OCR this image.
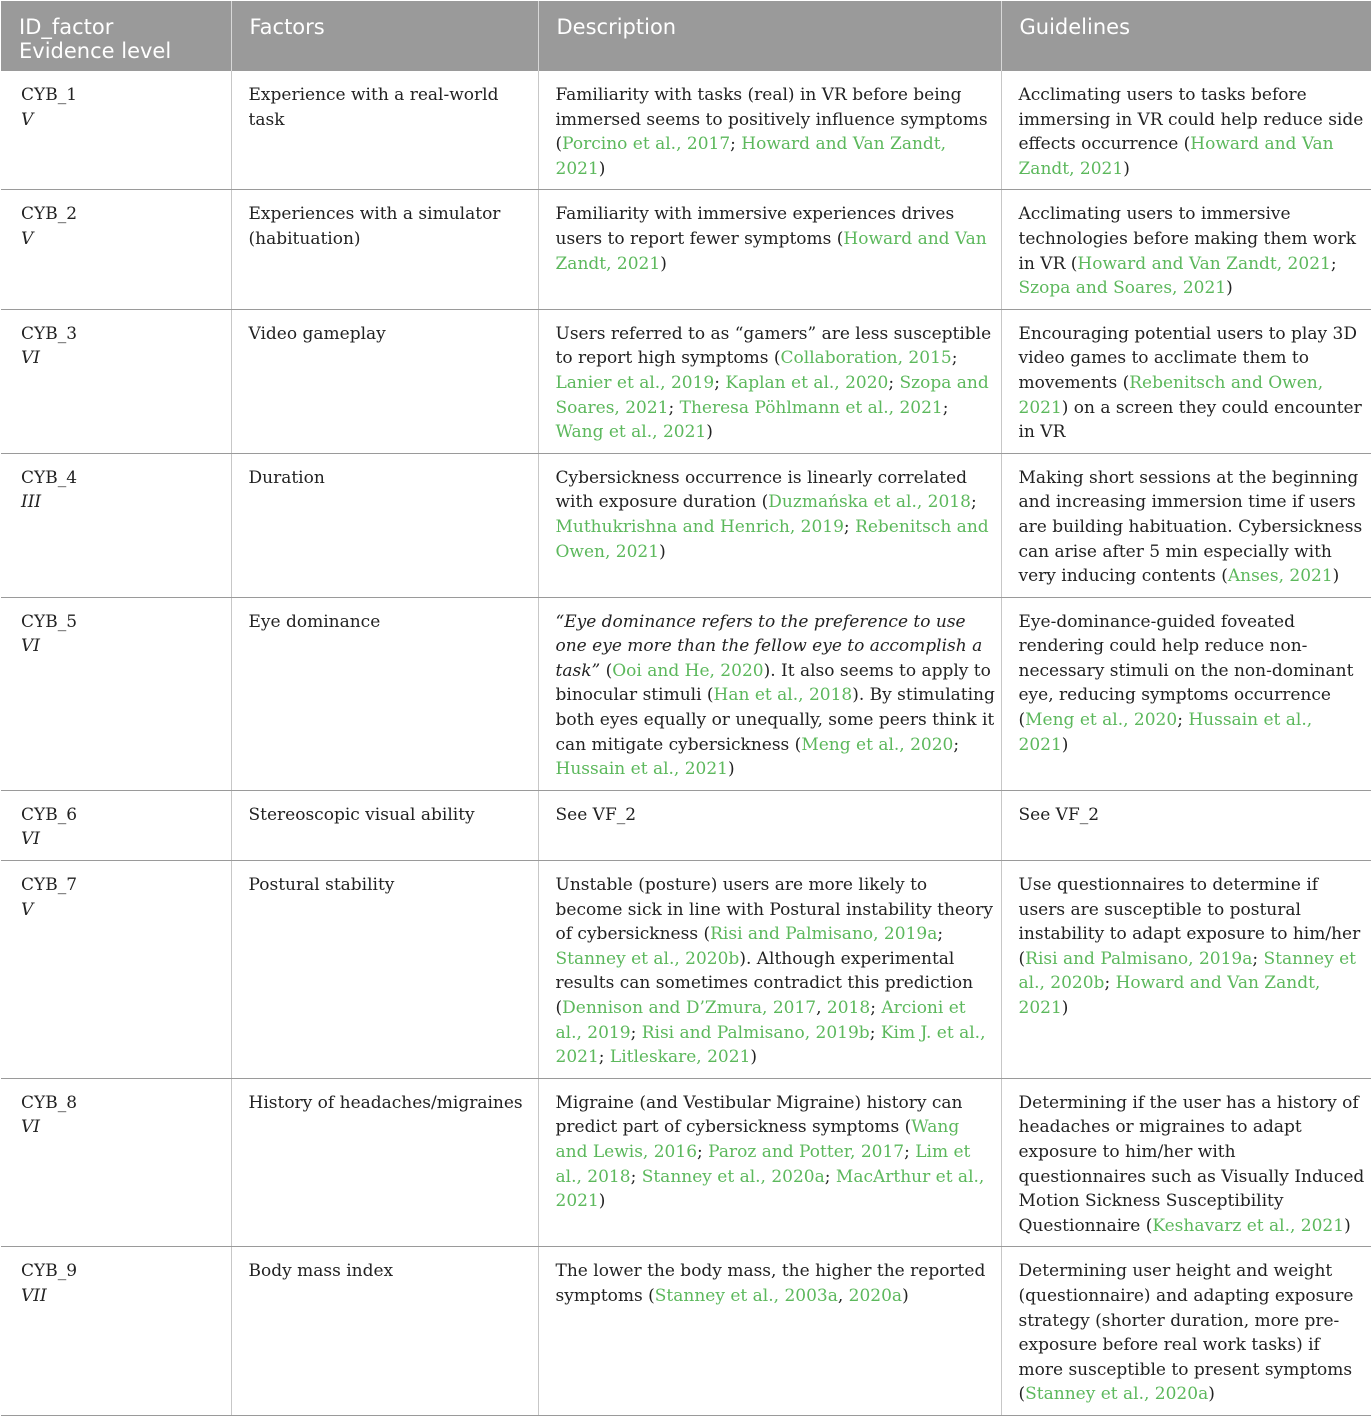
ID_factor
Evidence level	Factors	Description	Guidelines
CYB_1
V	Experience with a real-world task	Familiarity with tasks (real) in VR before being immersed seems to positively influence symptoms (Porcino et al., 2017; Howard and Van Zandt, 2021)	Acclimating users to tasks before immersing in VR could help reduce side effects occurrence (Howard and Van Zandt, 2021)
CYB_2
V	Experiences with a simulator (habituation)	Familiarity with immersive experiences drives users to report fewer symptoms (Howard and Van Zandt, 2021)	Acclimating users to immersive technologies before making them work in VR (Howard and Van Zandt, 2021; Szopa and Soares, 2021)
CYB_3
VI	Video gameplay	Users referred to as “gamers” are less susceptible to report high symptoms (Collaboration, 2015; Lanier et al., 2019; Kaplan et al., 2020; Szopa and Soares, 2021; Theresa Pöhlmann et al., 2021; Wang et al., 2021)	Encouraging potential users to play 3D video games to acclimate them to movements (Rebenitsch and Owen, 2021) on a screen they could encounter in VR
CYB_4
III	Duration	Cybersickness occurrence is linearly correlated with exposure duration (Duzmańska et al., 2018; Muthukrishna and Henrich, 2019; Rebenitsch and Owen, 2021)	Making short sessions at the beginning and increasing immersion time if users are building habituation. Cybersickness can arise after 5 min especially with very inducing contents (Anses, 2021)
CYB_5
VI	Eye dominance	“Eye dominance refers to the preference to use one eye more than the fellow eye to accomplish a task” (Ooi and He, 2020). It also seems to apply to binocular stimuli (Han et al., 2018). By stimulating both eyes equally or unequally, some peers think it can mitigate cybersickness (Meng et al., 2020; Hussain et al., 2021)	Eye-dominance-guided foveated rendering could help reduce non-necessary stimuli on the non-dominant eye, reducing symptoms occurrence (Meng et al., 2020; Hussain et al., 2021)
CYB_6
VI	Stereoscopic visual ability	See VF_2	See VF_2
CYB_7
V	Postural stability	Unstable (posture) users are more likely to become sick in line with Postural instability theory of cybersickness (Risi and Palmisano, 2019a; Stanney et al., 2020b). Although experimental results can sometimes contradict this prediction (Dennison and D’Zmura, 2017, 2018; Arcioni et al., 2019; Risi and Palmisano, 2019b; Kim J. et al., 2021; Litleskare, 2021)	Use questionnaires to determine if users are susceptible to postural instability to adapt exposure to him/her (Risi and Palmisano, 2019a; Stanney et al., 2020b; Howard and Van Zandt, 2021)
CYB_8
VI	History of headaches/migraines	Migraine (and Vestibular Migraine) history can predict part of cybersickness symptoms (Wang and Lewis, 2016; Paroz and Potter, 2017; Lim et al., 2018; Stanney et al., 2020a; MacArthur et al., 2021)	Determining if the user has a history of headaches or migraines to adapt exposure to him/her with questionnaires such as Visually Induced Motion Sickness Susceptibility Questionnaire (Keshavarz et al., 2021)
CYB_9
VII	Body mass index	The lower the body mass, the higher the reported symptoms (Stanney et al., 2003a, 2020a)	Determining user height and weight (questionnaire) and adapting exposure strategy (shorter duration, more pre-exposure before real work tasks) if more susceptible to present symptoms (Stanney et al., 2020a)
